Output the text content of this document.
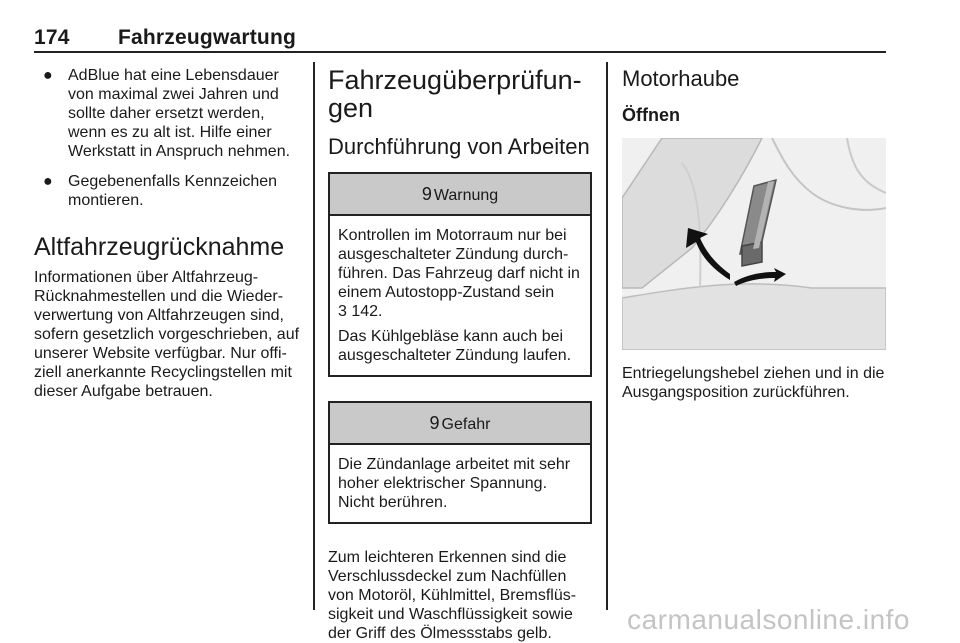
174 Fahrzeugwartung
● AdBlue hat eine Lebensdauer von maximal zwei Jahren und sollte daher ersetzt werden, wenn es zu alt ist. Hilfe einer Werkstatt in Anspruch nehmen.
● Gegebenenfalls Kennzeichen montieren.
Altfahrzeugrücknahme
Informationen über Altfahrzeug-Rücknahmestellen und die Wieder-verwertung von Altfahrzeugen sind, sofern gesetzlich vorgeschrieben, auf unserer Website verfügbar. Nur offi-ziell anerkannte Recyclingstellen mit dieser Aufgabe betrauen.
Fahrzeugüberprüfun-gen
Durchführung von Arbeiten
9 Warnung

Kontrollen im Motorraum nur bei ausgeschalteter Zündung durch-führen. Das Fahrzeug darf nicht in einem Autostopp-Zustand sein
3 142.

Das Kühlgebläse kann auch bei ausgeschalteter Zündung laufen.

9 Gefahr

Die Zündanlage arbeitet mit sehr hoher elektrischer Spannung. Nicht berühren.

Zum leichteren Erkennen sind die Verschlussdeckel zum Nachfüllen von Motoröl, Kühlmittel, Bremsflüs-sigkeit und Waschflüssigkeit sowie der Griff des Ölmessstabs gelb.
Motorhaube
Öffnen
Entriegelungshebel ziehen und in die Ausgangsposition zurückführen.
carmanualsonline.info
